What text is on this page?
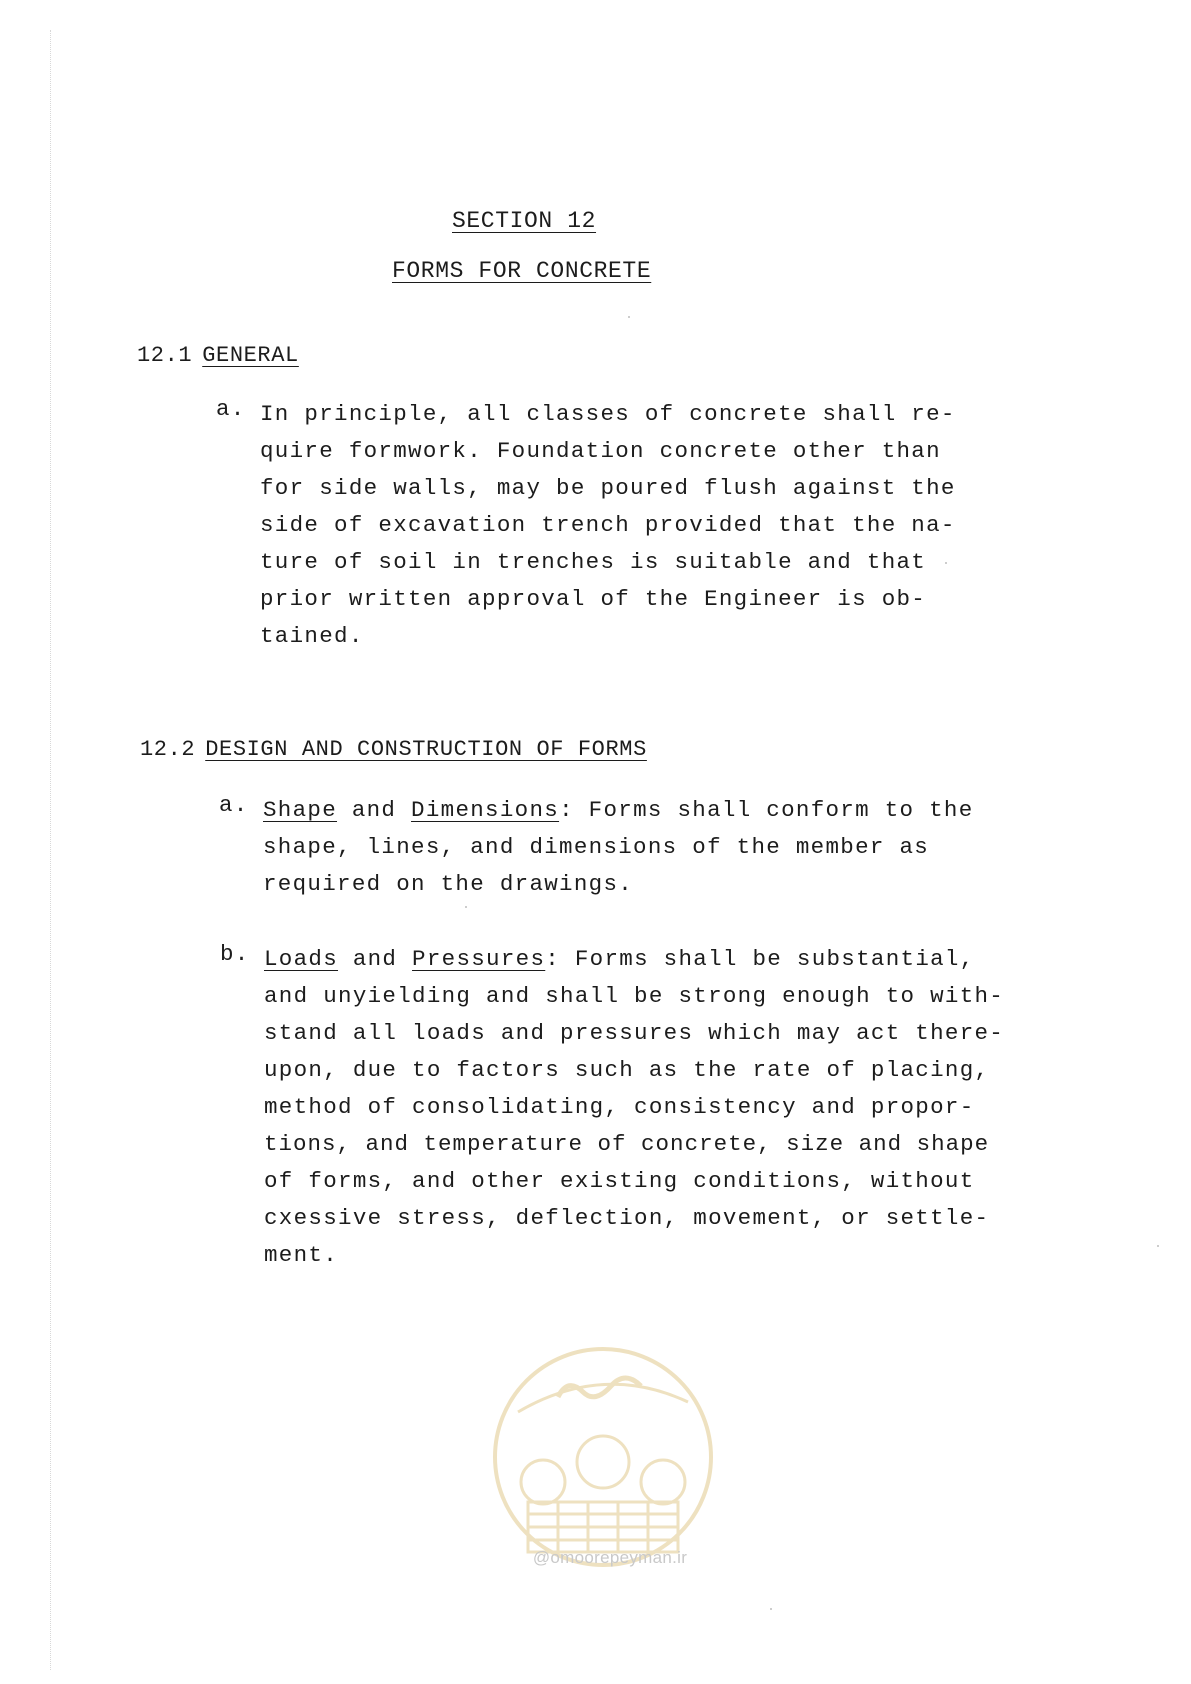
SECTION 12
FORMS FOR CONCRETE
12.1 GENERAL
a. In principle, all classes of concrete shall re-
quire formwork. Foundation concrete other than
for side walls, may be poured flush against the
side of excavation trench provided that the na-
ture of soil in trenches is suitable and that
prior written approval of the Engineer is ob-
tained.
12.2 DESIGN AND CONSTRUCTION OF FORMS
a. Shape and Dimensions: Forms shall conform to the
shape, lines, and dimensions of the member as
required on the drawings.
b. Loads and Pressures: Forms shall be substantial,
and unyielding and shall be strong enough to with-
stand all loads and pressures which may act there-
upon, due to factors such as the rate of placing,
method of consolidating, consistency and propor-
tions, and temperature of concrete, size and shape
of forms, and other existing conditions, without
cxessive stress, deflection, movement, or settle-
ment.
@omoorepeyman.ir
